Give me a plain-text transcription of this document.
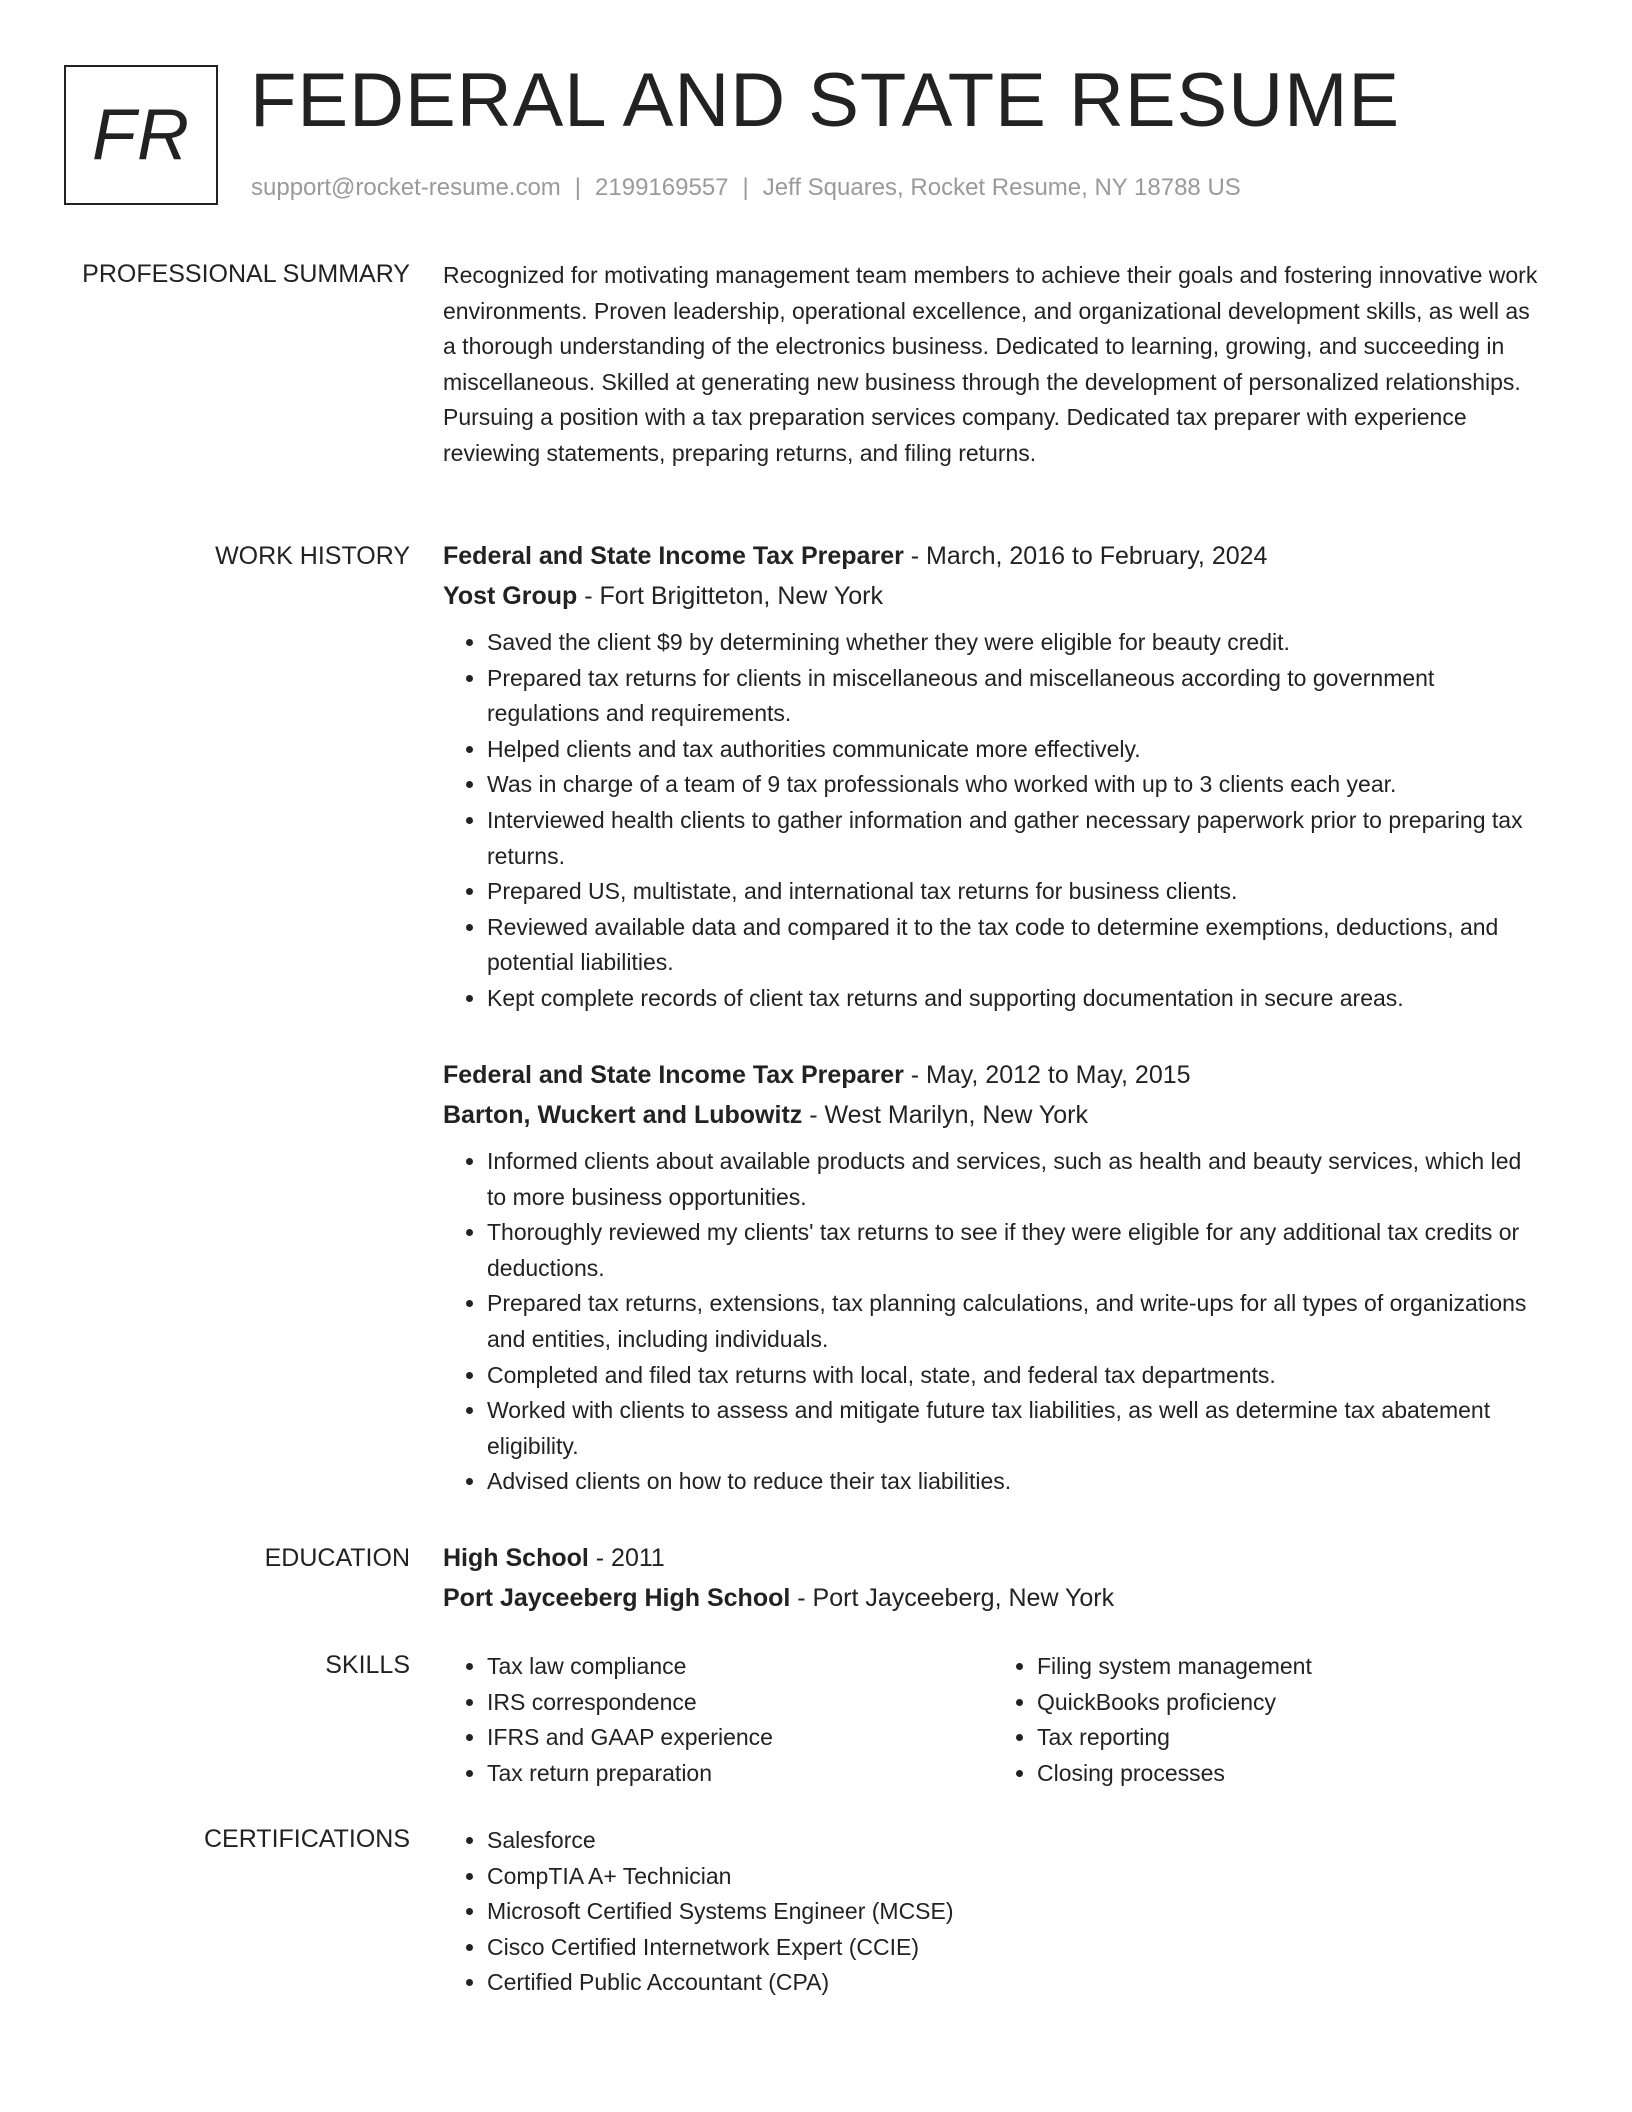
FR FEDERAL AND STATE RESUME
support@rocket-resume.com | 2199169557 | Jeff Squares, Rocket Resume, NY 18788 US
PROFESSIONAL SUMMARY Recognized for motivating management team members to achieve their goals and fostering innovative work environments. Proven leadership, operational excellence, and organizational development skills, as well as a thorough understanding of the electronics business. Dedicated to learning, growing, and succeeding in miscellaneous. Skilled at generating new business through the development of personalized relationships. Pursuing a position with a tax preparation services company. Dedicated tax preparer with experience reviewing statements, preparing returns, and filing returns.

WORK HISTORY Federal and State Income Tax Preparer - March, 2016 to February, 2024
Yost Group - Fort Brigitteton, New York
• Saved the client $9 by determining whether they were eligible for beauty credit.
• Prepared tax returns for clients in miscellaneous and miscellaneous according to government regulations and requirements.
• Helped clients and tax authorities communicate more effectively.
• Was in charge of a team of 9 tax professionals who worked with up to 3 clients each year.
• Interviewed health clients to gather information and gather necessary paperwork prior to preparing tax returns.
• Prepared US, multistate, and international tax returns for business clients.
• Reviewed available data and compared it to the tax code to determine exemptions, deductions, and potential liabilities.
• Kept complete records of client tax returns and supporting documentation in secure areas.
Federal and State Income Tax Preparer - May, 2012 to May, 2015
Barton, Wuckert and Lubowitz - West Marilyn, New York
• Informed clients about available products and services, such as health and beauty services, which led to more business opportunities.
• Thoroughly reviewed my clients' tax returns to see if they were eligible for any additional tax credits or deductions.
• Prepared tax returns, extensions, tax planning calculations, and write-ups for all types of organizations and entities, including individuals.
• Completed and filed tax returns with local, state, and federal tax departments.
• Worked with clients to assess and mitigate future tax liabilities, as well as determine tax abatement eligibility.
• Advised clients on how to reduce their tax liabilities.
EDUCATION High School - 2011
Port Jayceeberg High School - Port Jayceeberg, New York
SKILLS	• Tax law compliance
• IRS correspondence
• IFRS and GAAP experience
• Tax return preparation
• Filing system management
• QuickBooks proficiency
• Tax reporting
• Closing processes
CERTIFICATIONS	• Salesforce
• CompTIA A+ Technician
• Microsoft Certified Systems Engineer (MCSE)
• Cisco Certified Internetwork Expert (CCIE)
• Certified Public Accountant (CPA)
